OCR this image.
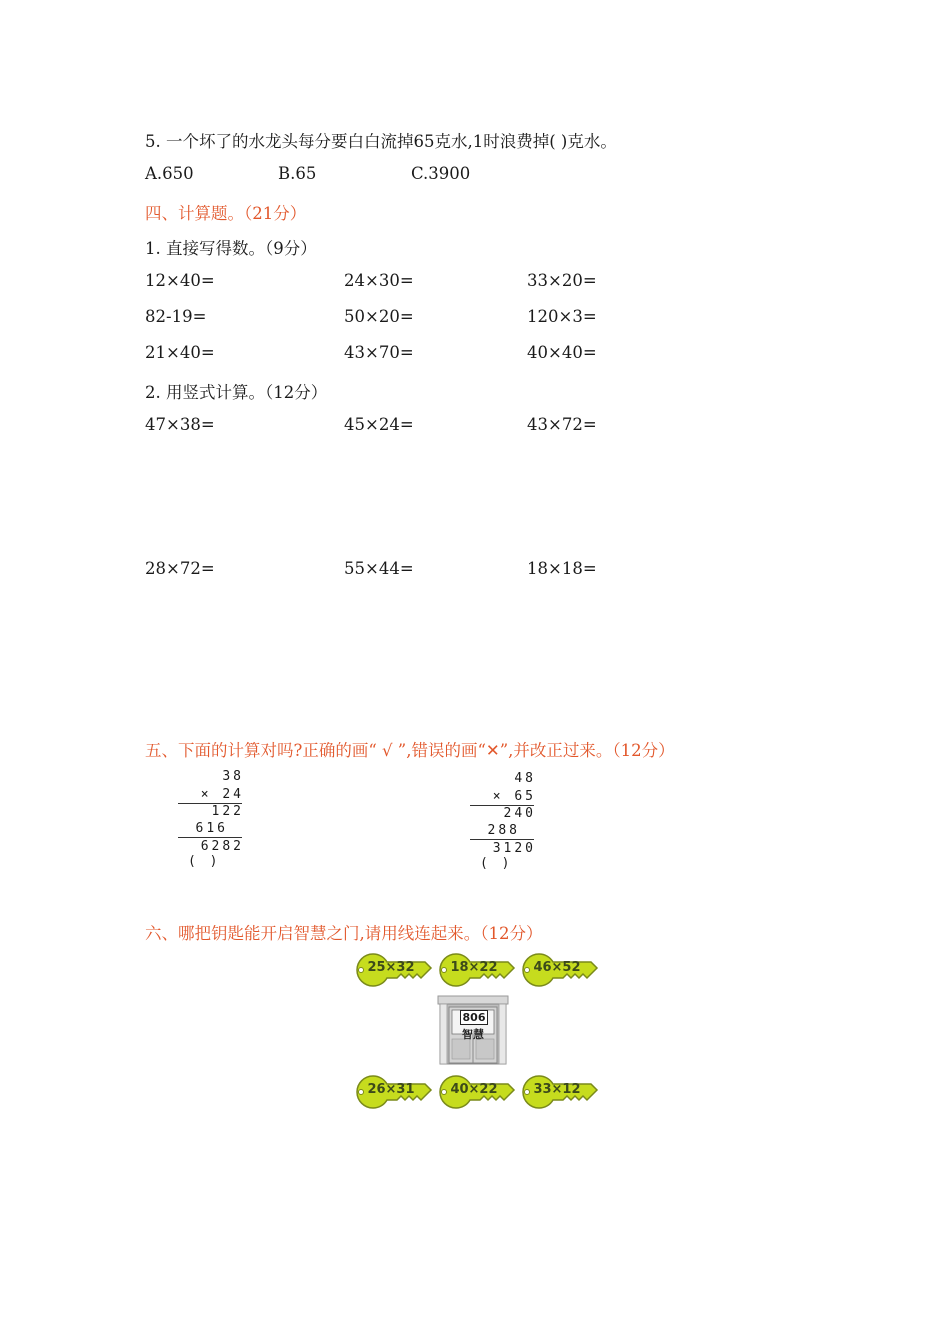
5. 一个坏了的水龙头每分要白白流掉65克水,1时浪费掉( )克水。
A.650	B.65	C.3900
四、计算题。（21分）
1. 直接写得数。（9分）
12×40=	24×30=	33×20=
82-19=	50×20=	120×3=
21×40=	43×70=	40×40=
2. 用竖式计算。（12分）
47×38=	45×24=	43×72=
28×72=	55×44=	18×18=
五、下面的计算对吗?正确的画“ √ ”,错误的画“✕”,并改正过来。（12分）
38
× 24
122
616
6282
( )
48
× 65
240
288
3120
( )
六、哪把钥匙能开启智慧之门,请用线连起来。（12分）
25×32	18×22	46×52
806
智慧
26×31	40×22	33×12
